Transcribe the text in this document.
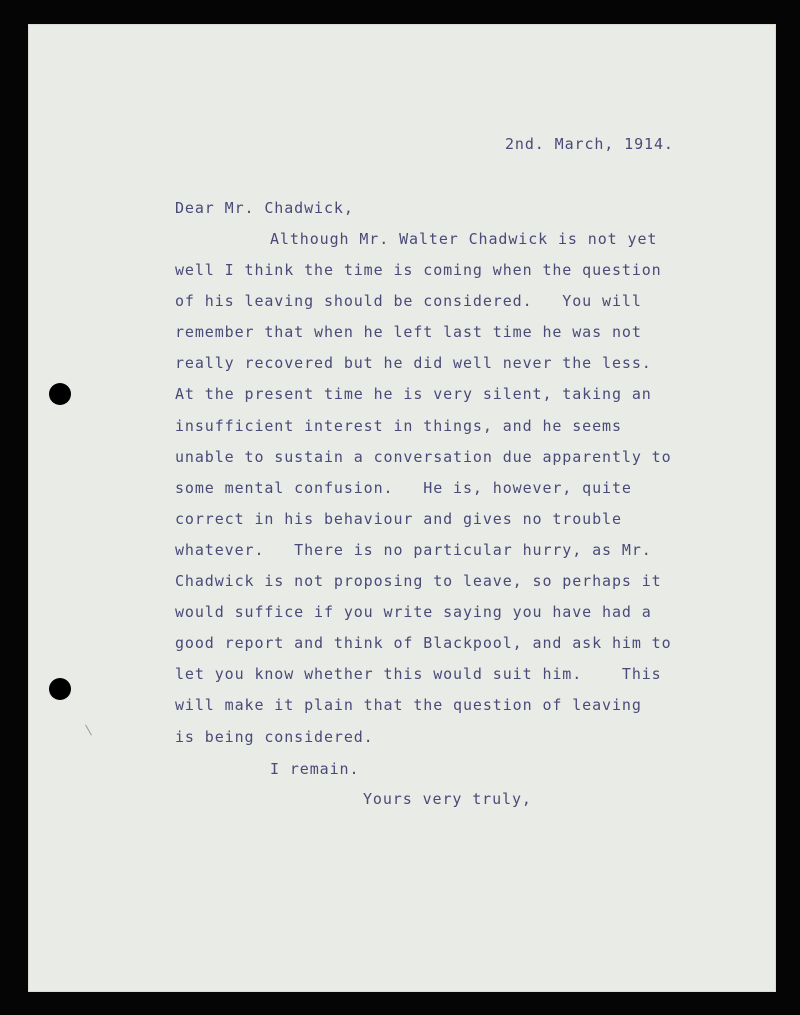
2nd. March, 1914.
Dear Mr. Chadwick,
Although Mr. Walter Chadwick is not yet
well I think the time is coming when the question
of his leaving should be considered.   You will
remember that when he left last time he was not
really recovered but he did well never the less.
At the present time he is very silent, taking an
insufficient interest in things, and he seems
unable to sustain a conversation due apparently to
some mental confusion.   He is, however, quite
correct in his behaviour and gives no trouble
whatever.   There is no particular hurry, as Mr.
Chadwick is not proposing to leave, so perhaps it
would suffice if you write saying you have had a
good report and think of Blackpool, and ask him to
let you know whether this would suit him.    This
will make it plain that the question of leaving
is being considered.
I remain.
Yours very truly,
